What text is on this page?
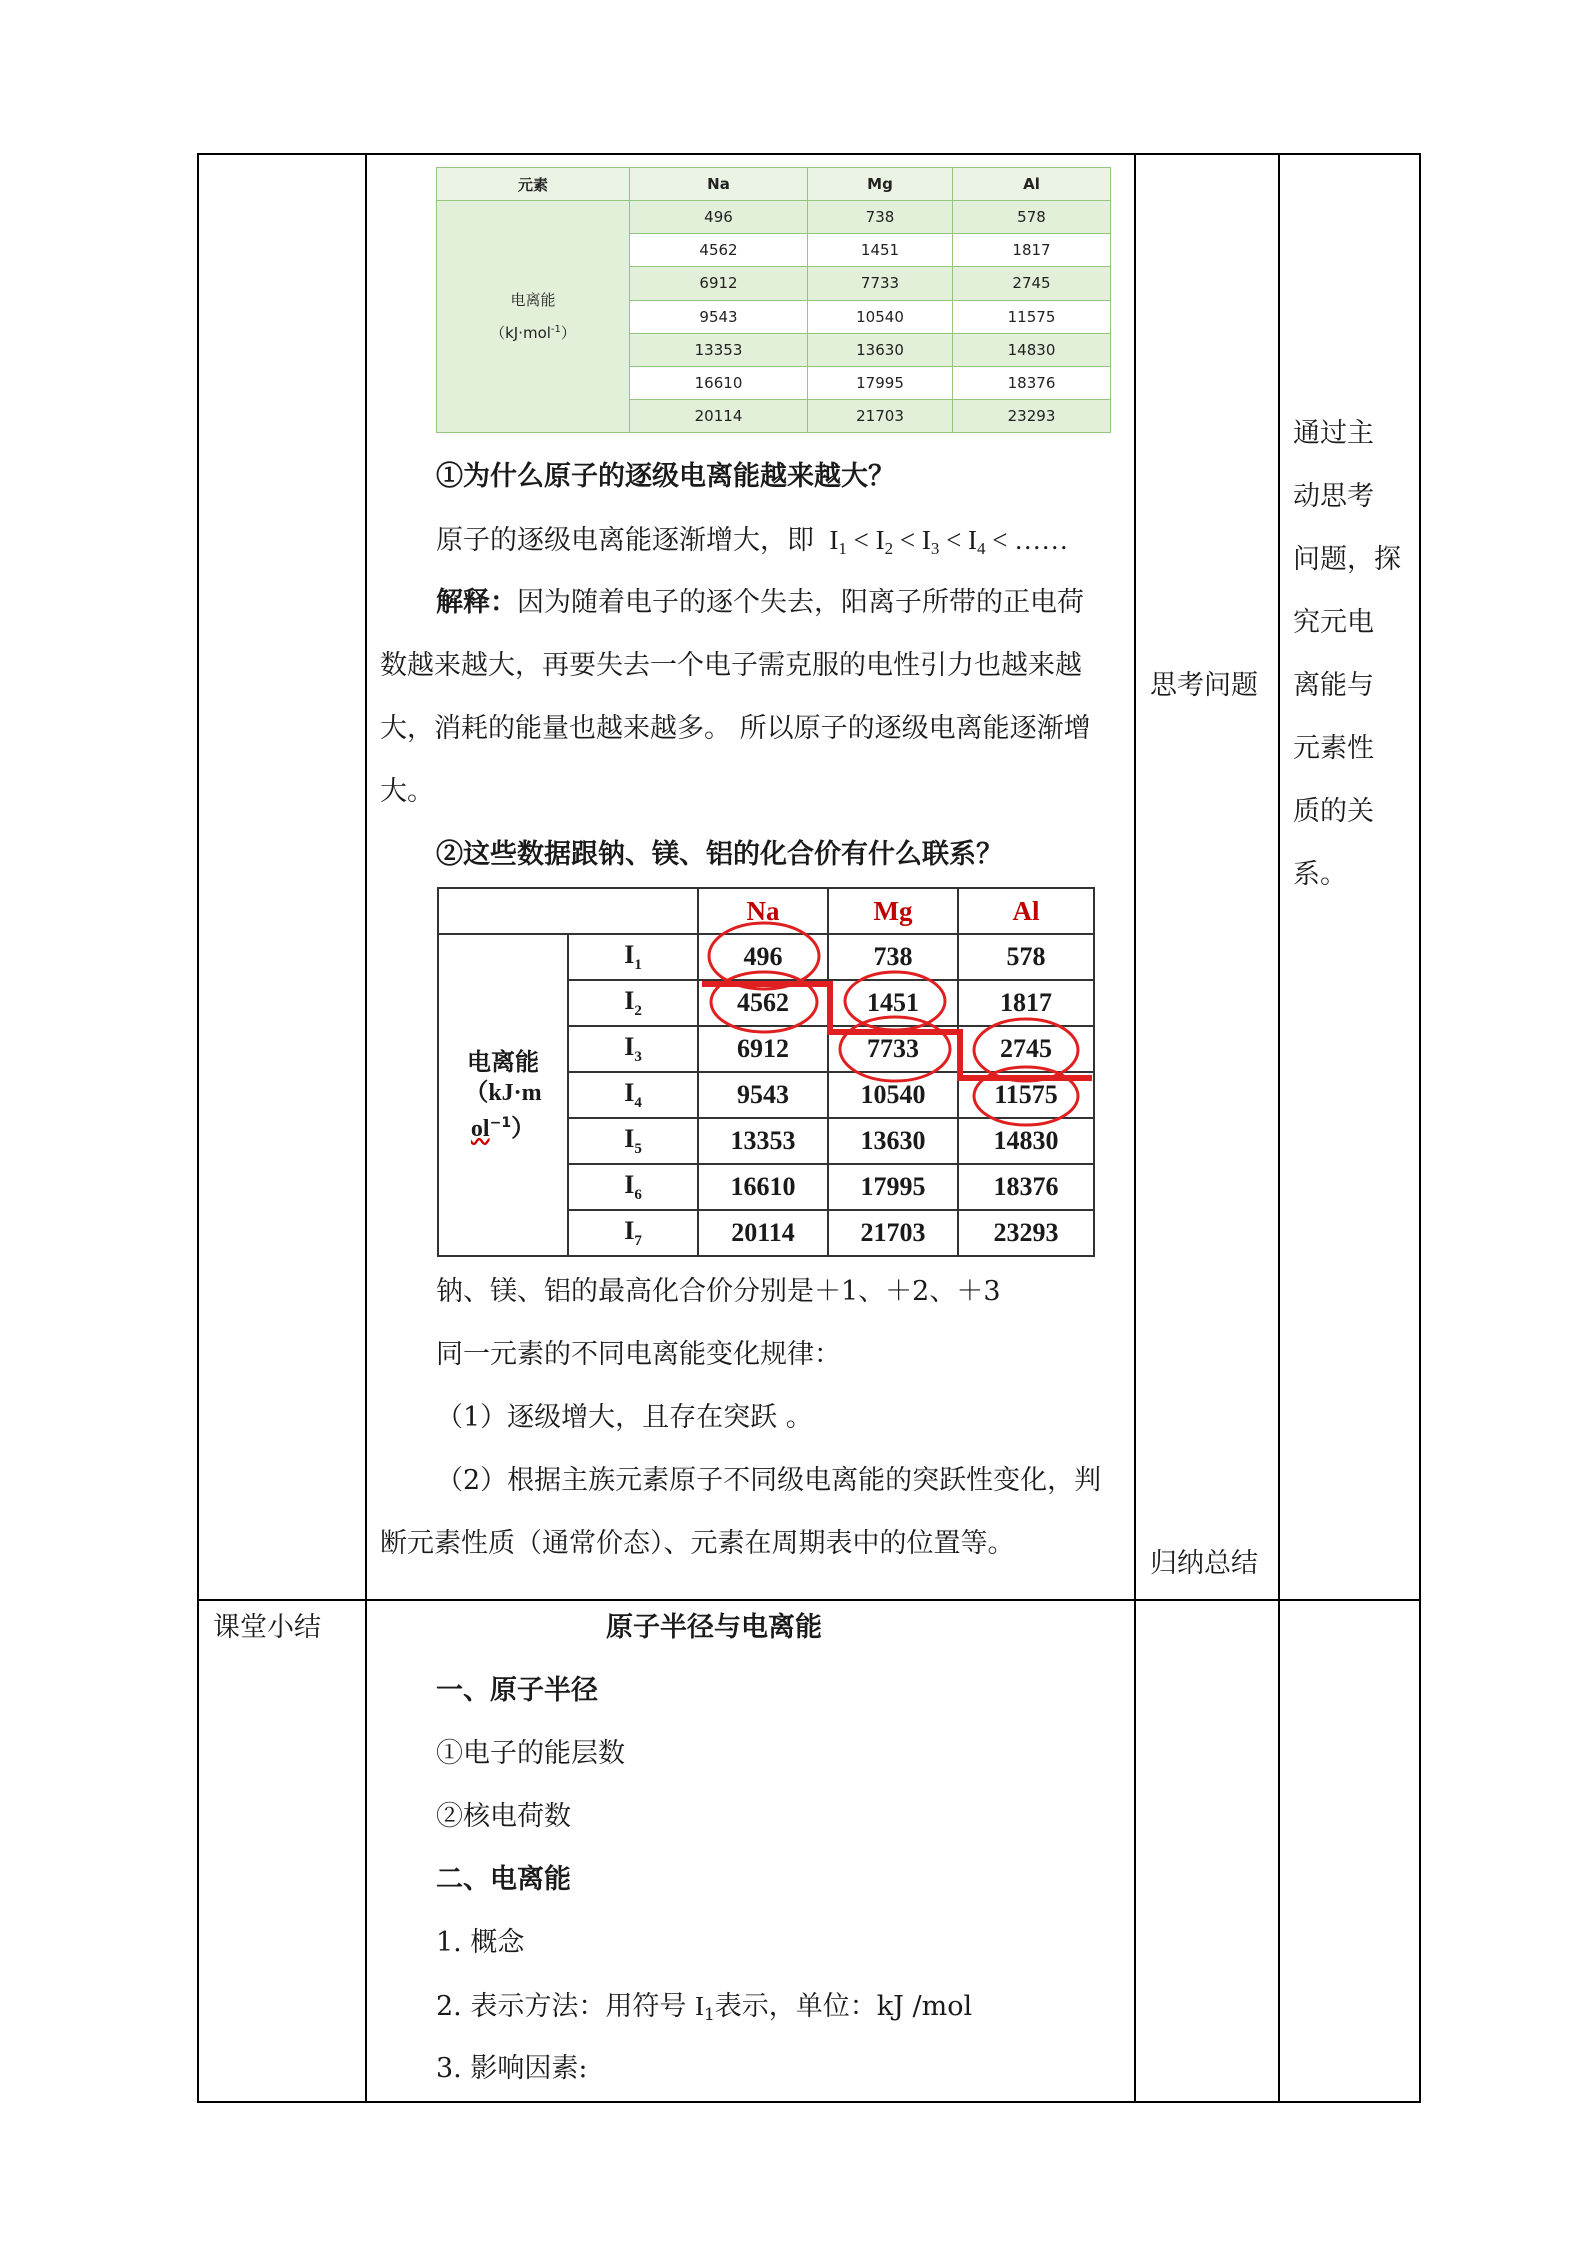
元素	Na	Mg	Al
电离能
（kJ·mol$^{-1}$）	496	738	578
	4562	1451	1817
	6912	7733	2745
	9543	10540	11575
	13353	13630	14830
	16610	17995	18376
	20114	21703	23293
①为什么原子的逐级电离能越来越大？
原子的逐级电离能逐渐增大，即 $I_1 < I_2 < I_3 < I_4$ < ……
解释：因为随着电子的逐个失去，阳离子所带的正电荷
数越来越大，再要失去一个电子需克服的电性引力也越来越
大，消耗的能量也越来越多。 所以原子的逐级电离能逐渐增
大。
②这些数据跟钠、镁、铝的化合价有什么联系？
		Na	Mg	Al
电离能
（kJ·m
$ol^{-1}$）	$I_1$	496	738	578
	$I_2$	4562	1451	1817
	$I_3$	6912	7733	2745
	$I_4$	9543	10540	11575
	$I_5$	13353	13630	14830
	$I_6$	16610	17995	18376
	$I_7$	20114	21703	23293
钠、镁、铝的最高化合价分别是＋1、＋2、＋3
同一元素的不同电离能变化规律：
（1）逐级增大，且存在突跃 。
（2）根据主族元素原子不同级电离能的突跃性变化，判
断元素性质（通常价态）、元素在周期表中的位置等。
思考问题
归纳总结
通过主
动思考
问题，探
究元电
离能与
元素性
质的关
系。
课堂小结	原子半径与电离能
一、原子半径
①电子的能层数
②核电荷数
二、电离能
1. 概念
2. 表示方法：用符号 $I_1$表示，单位：kJ /mol
3. 影响因素:
